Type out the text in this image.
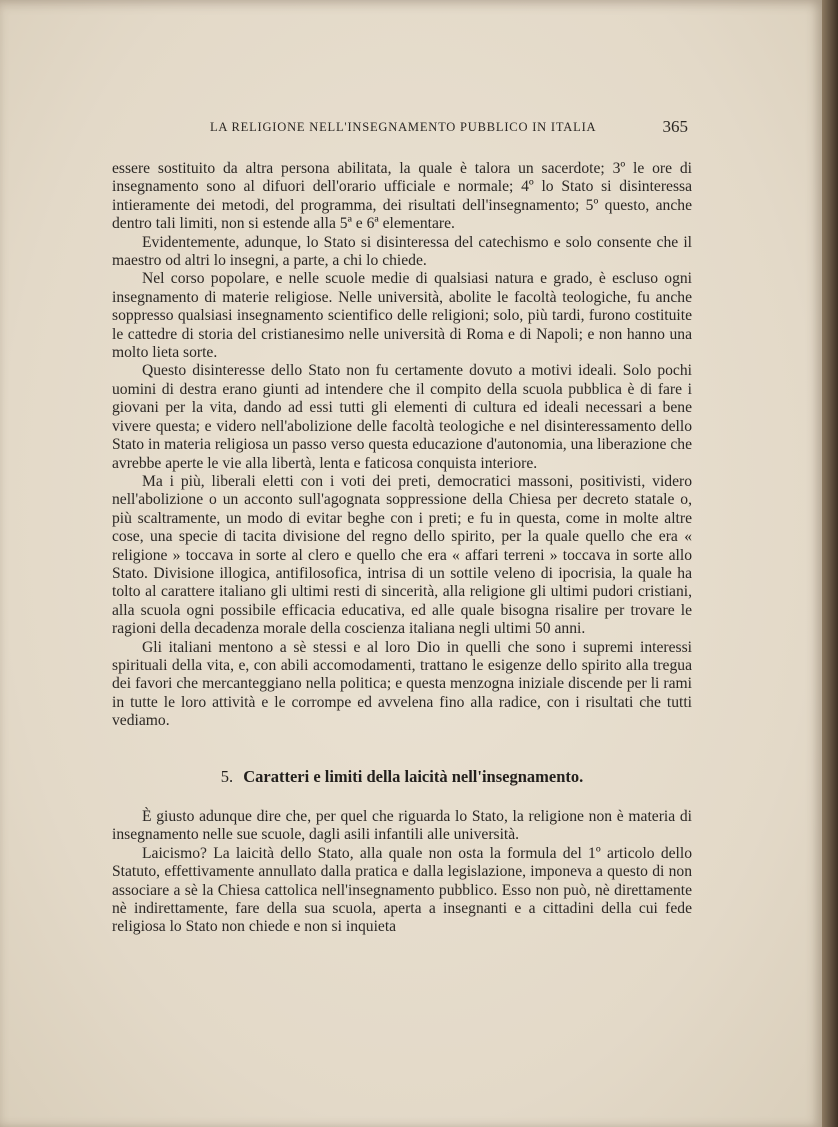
LA RELIGIONE NELL'INSEGNAMENTO PUBBLICO IN ITALIA	365

essere sostituito da altra persona abilitata, la quale è talora un sacerdote; 3º le ore di insegnamento sono al difuori dell'orario ufficiale e normale; 4º lo Stato si disinteressa intieramente dei metodi, del programma, dei risultati dell'insegnamento; 5º questo, anche dentro tali limiti, non si estende alla 5ª e 6ª elementare.

Evidentemente, adunque, lo Stato si disinteressa del catechismo e solo consente che il maestro od altri lo insegni, a parte, a chi lo chiede.

Nel corso popolare, e nelle scuole medie di qualsiasi natura e grado, è escluso ogni insegnamento di materie religiose. Nelle università, abolite le facoltà teologiche, fu anche soppresso qualsiasi insegnamento scientifico delle religioni; solo, più tardi, furono costituite le cattedre di storia del cristianesimo nelle università di Roma e di Napoli; e non hanno una molto lieta sorte.

Questo disinteresse dello Stato non fu certamente dovuto a motivi ideali. Solo pochi uomini di destra erano giunti ad intendere che il compito della scuola pubblica è di fare i giovani per la vita, dando ad essi tutti gli elementi di cultura ed ideali necessari a bene vivere questa; e videro nell'abolizione delle facoltà teologiche e nel disinteressamento dello Stato in materia religiosa un passo verso questa educazione d'autonomia, una liberazione che avrebbe aperte le vie alla libertà, lenta e faticosa conquista interiore.

Ma i più, liberali eletti con i voti dei preti, democratici massoni, positivisti, videro nell'abolizione o un acconto sull'agognata soppressione della Chiesa per decreto statale o, più scaltramente, un modo di evitar beghe con i preti; e fu in questa, come in molte altre cose, una specie di tacita divisione del regno dello spirito, per la quale quello che era « religione » toccava in sorte al clero e quello che era « affari terreni » toccava in sorte allo Stato. Divisione illogica, antifilosofica, intrisa di un sottile veleno di ipocrisia, la quale ha tolto al carattere italiano gli ultimi resti di sincerità, alla religione gli ultimi pudori cristiani, alla scuola ogni possibile efficacia educativa, ed alle quale bisogna risalire per trovare le ragioni della decadenza morale della coscienza italiana negli ultimi 50 anni.

Gli italiani mentono a sè stessi e al loro Dio in quelli che sono i supremi interessi spirituali della vita, e, con abili accomodamenti, trattano le esigenze dello spirito alla tregua dei favori che mercanteggiano nella politica; e questa menzogna iniziale discende per li rami in tutte le loro attività e le corrompe ed avvelena fino alla radice, con i risultati che tutti vediamo.

5. Caratteri e limiti della laicità nell'insegnamento.

È giusto adunque dire che, per quel che riguarda lo Stato, la religione non è materia di insegnamento nelle sue scuole, dagli asili infantili alle università.

Laicismo? La laicità dello Stato, alla quale non osta la formula del 1º articolo dello Statuto, effettivamente annullato dalla pratica e dalla legislazione, imponeva a questo di non associare a sè la Chiesa cattolica nell'insegnamento pubblico. Esso non può, nè direttamente nè indirettamente, fare della sua scuola, aperta a insegnanti e a cittadini della cui fede religiosa lo Stato non chiede e non si inquieta
